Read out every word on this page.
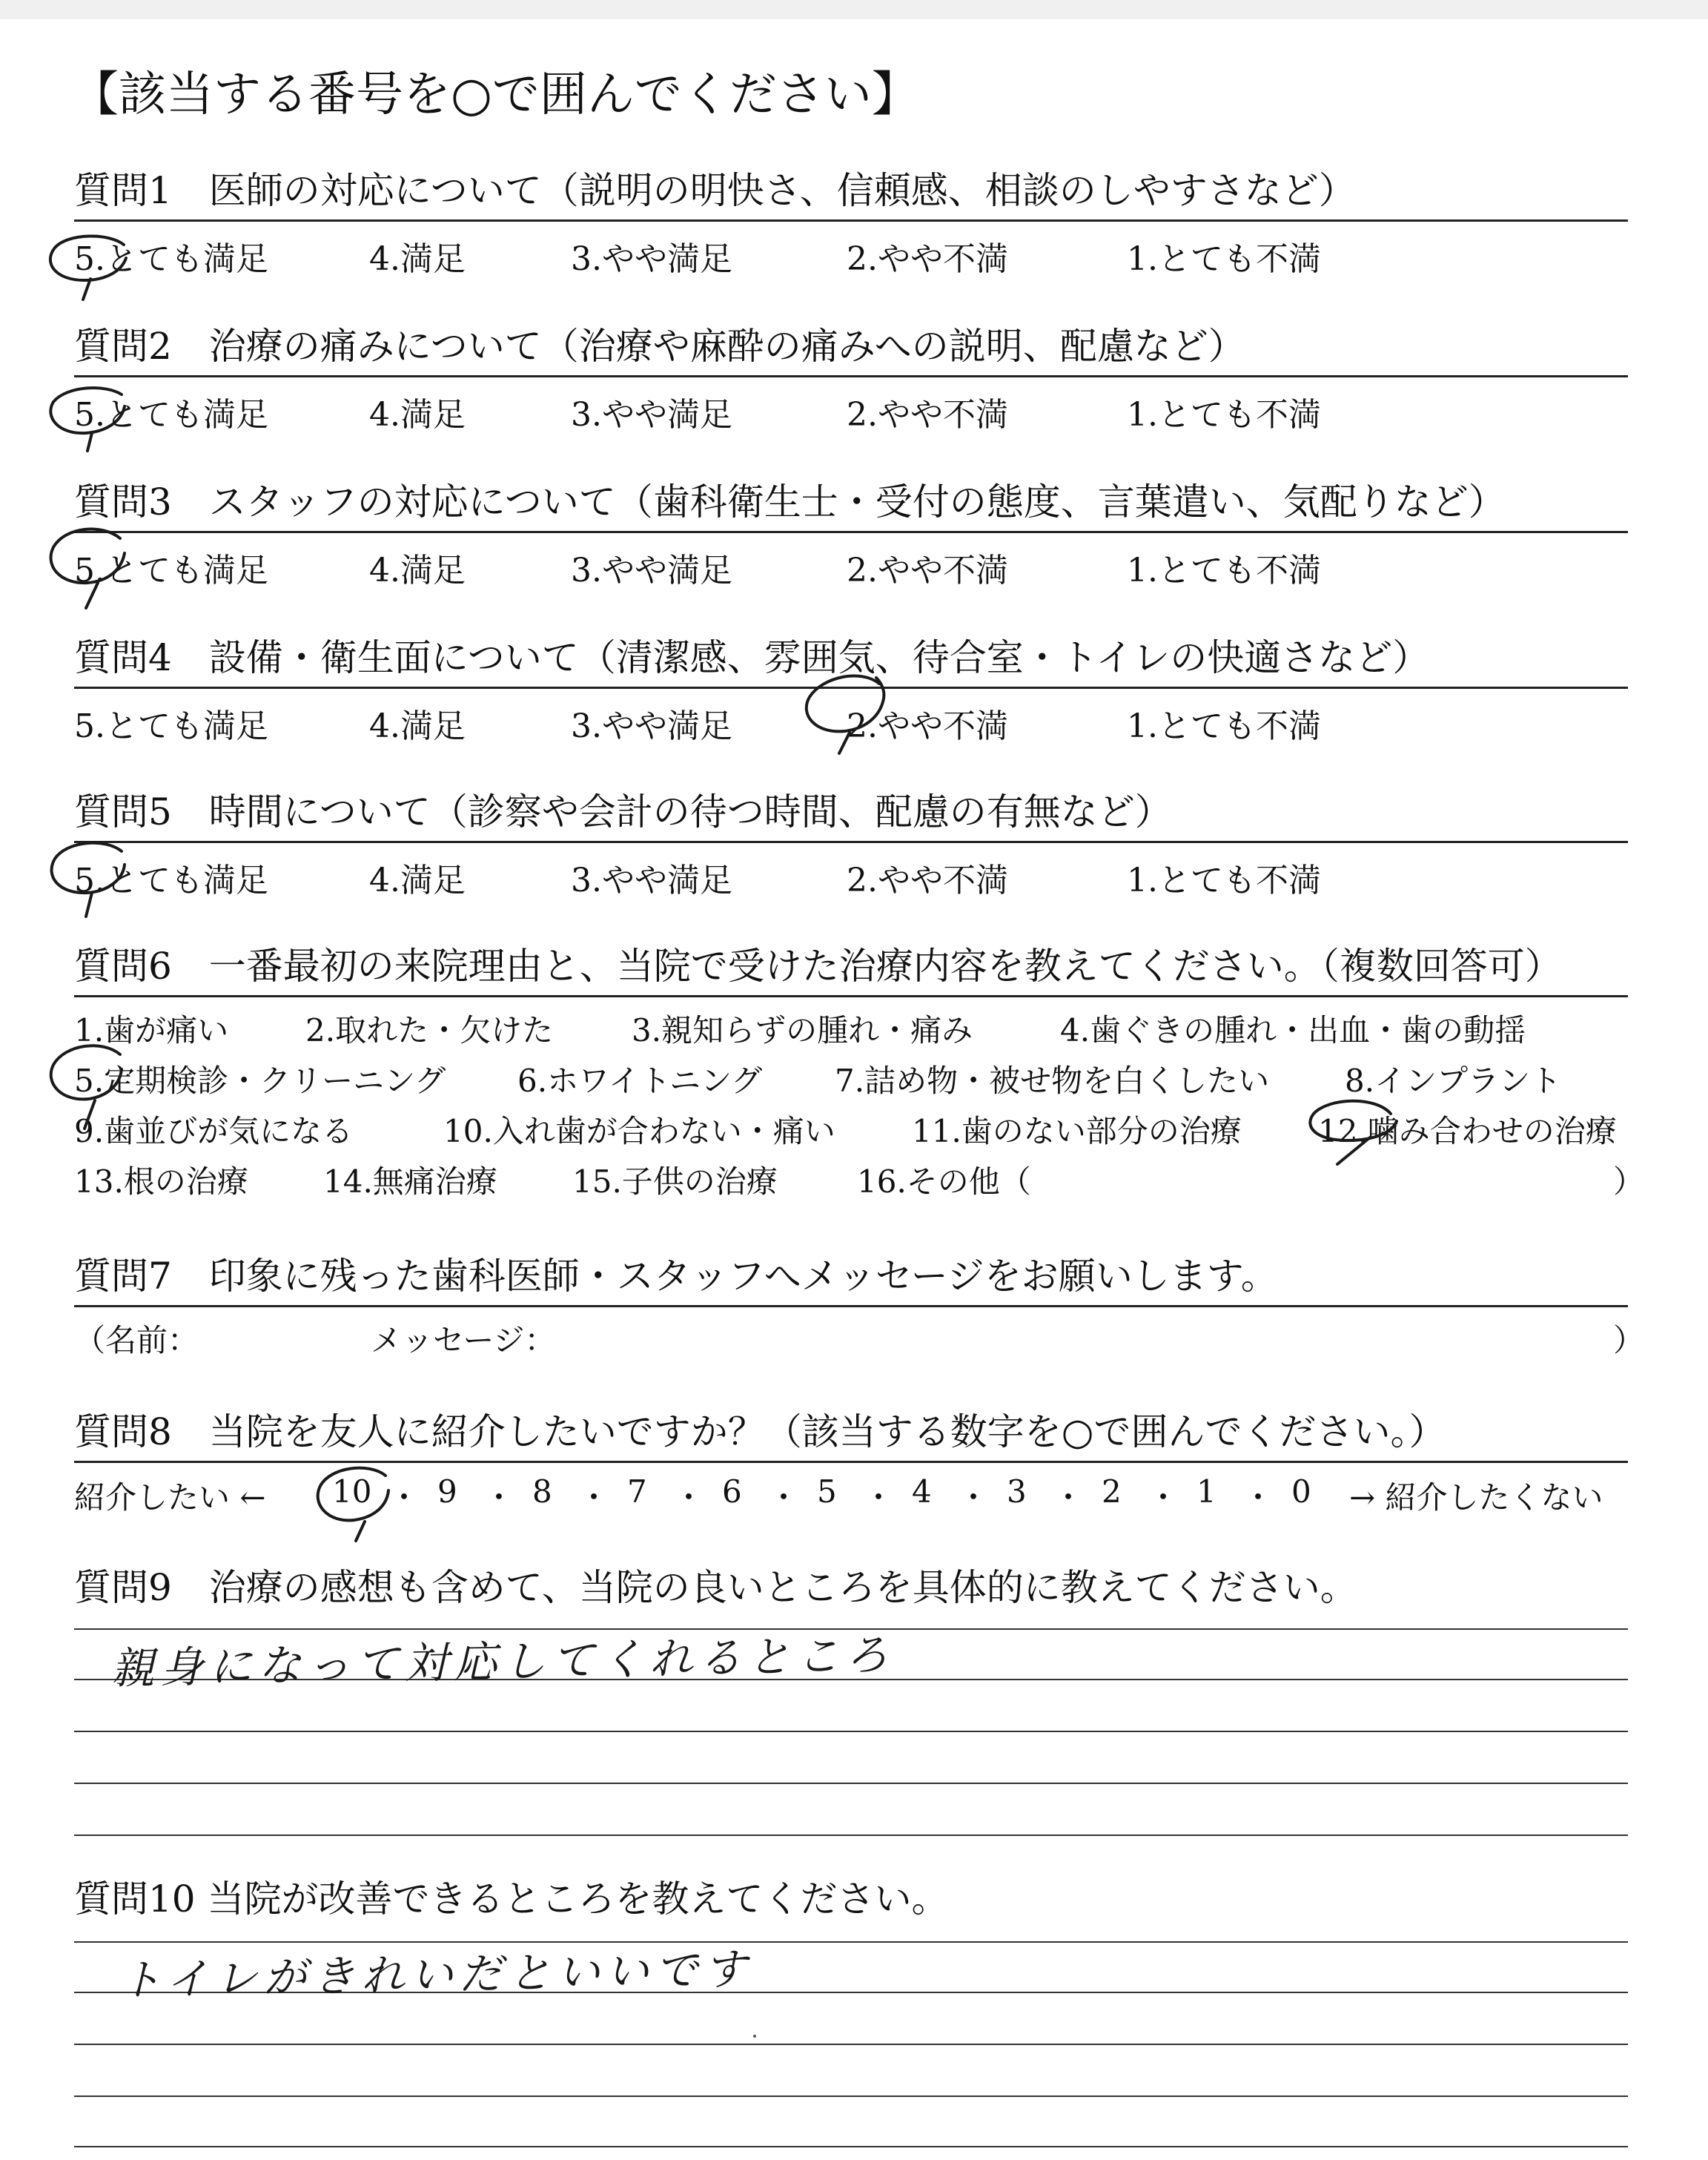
【該当する番号を○で囲んでください】
質問1　医師の対応について（説明の明快さ、信頼感、相談のしやすさなど）
5.とても満足	4.満足	3.やや満足	2.やや不満	1.とても不満
質問2　治療の痛みについて（治療や麻酔の痛みへの説明、配慮など）
5.とても満足	4.満足	3.やや満足	2.やや不満	1.とても不満
質問3　スタッフの対応について（歯科衛生士・受付の態度、言葉遣い、気配りなど）
5.とても満足	4.満足	3.やや満足	2.やや不満	1.とても不満
質問4　設備・衛生面について（清潔感、雰囲気、待合室・トイレの快適さなど）
5.とても満足	4.満足	3.やや満足	2.やや不満	1.とても不満
質問5　時間について（診察や会計の待つ時間、配慮の有無など）
5.とても満足	4.満足	3.やや満足	2.やや不満	1.とても不満
質問6　一番最初の来院理由と、当院で受けた治療内容を教えてください。（複数回答可）
1.歯が痛い 2.取れた・欠けた	3.親知らずの腫れ・痛み	4.歯ぐきの腫れ・出血・歯の動揺
5.定期検診・クリーニング 6.ホワイトニング 7.詰め物・被せ物を白くしたい 8.インプラント
9.歯並びが気になる	10.入れ歯が合わない・痛い 11.歯のない部分の治療 12.噛み合わせの治療
13.根の治療 14.無痛治療 15.子供の治療	16.その他（	）
質問7　印象に残った歯科医師・スタッフへメッセージをお願いします。
（名前：	メッセージ：	）
質問8　当院を友人に紹介したいですか？（該当する数字を○で囲んでください。）
紹介したい ← 10 ・ 9 ・ 8 ・ 7 ・ 6 ・ 5 ・ 4 ・ 3 ・ 2 ・ 1 ・ 0 → 紹介したくない
質問9　治療の感想も含めて、当院の良いところを具体的に教えてください。
親身になって対応してくれるところ
質問10 当院が改善できるところを教えてください。
トイレがきれいだといいです
